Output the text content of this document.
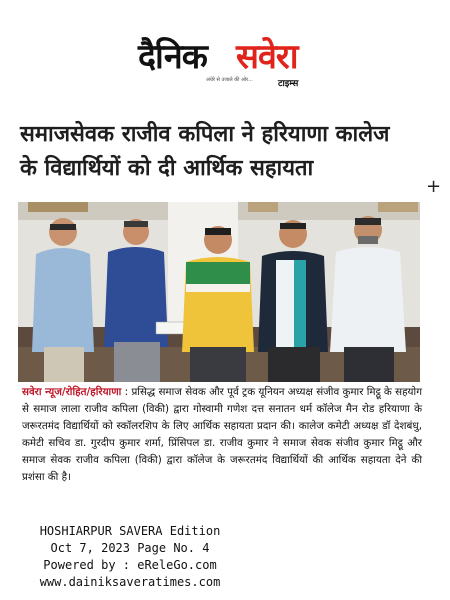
दैनिक सवेरा
अंधेरे से उजाले की ओर...	टाइम्स
समाजसेवक राजीव कपिला ने हरियाणा कालेज
के विद्यार्थियों को दी आर्थिक सहायता
+
सवेरा न्यूज/रोहित/हरियाणा : प्रसिद्ध समाज सेवक और पूर्व ट्रक यूनियन अध्यक्ष संजीव कुमार मिट्ठू के सहयोग से समाज लाला राजीव कपिला (विकी) द्वारा गोस्वामी गणेश दत्त सनातन धर्म कॉलेज मैन रोड हरियाणा के जरूरतमंद विद्यार्थियों को स्कॉलरशिप के लिए आर्थिक सहायता प्रदान की। कालेज कमेटी अध्यक्ष डॉ देशबंधु, कमेटी सचिव डा. गुरदीप कुमार शर्मा, प्रिंसिपल डा. राजीव कुमार ने समाज सेवक संजीव कुमार मिट्ठू और समाज सेवक राजीव कपिला (विकी) द्वारा कॉलेज के जरूरतमंद विद्यार्थियों की आर्थिक सहायता देने की प्रशंसा की है।
HOSHIARPUR SAVERA Edition
Oct 7, 2023 Page No. 4
Powered by : eReleGo.com
www.dainiksaveratimes.com
